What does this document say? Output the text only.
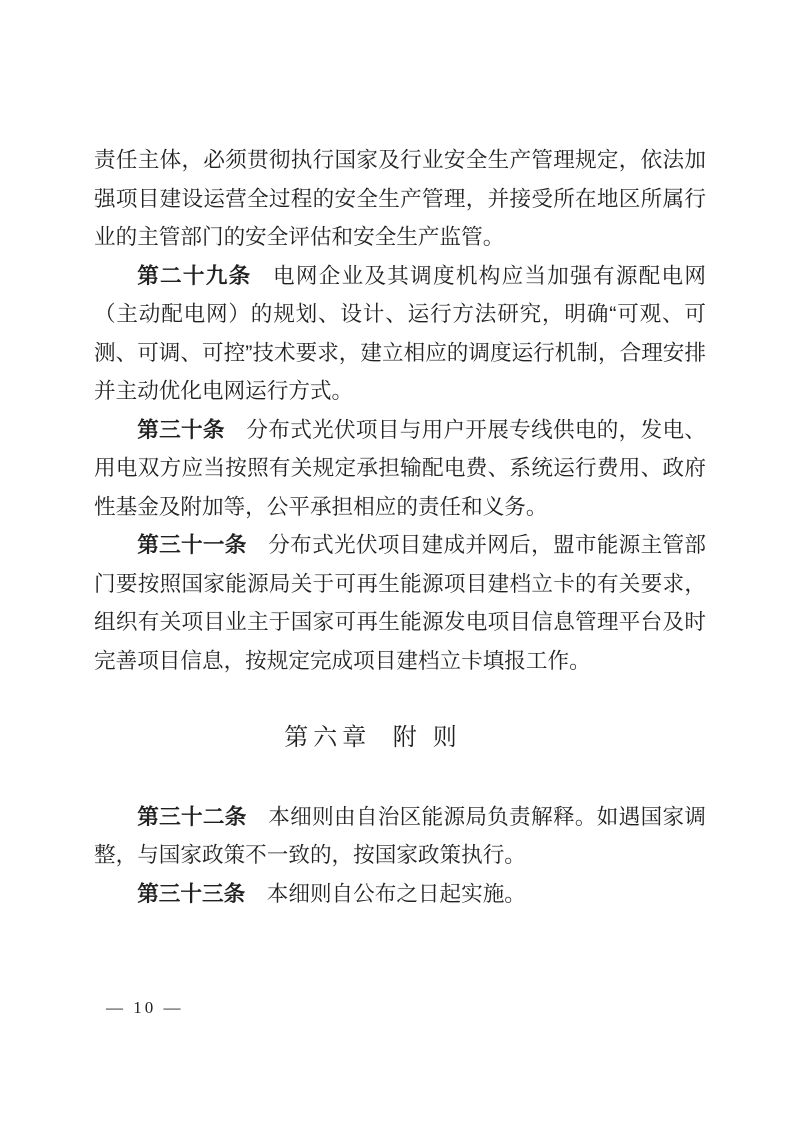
责任主体，必须贯彻执行国家及行业安全生产管理规定，依法加强项目建设运营全过程的安全生产管理，并接受所在地区所属行业的主管部门的安全评估和安全生产监管。

第二十九条 电网企业及其调度机构应当加强有源配电网（主动配电网）的规划、设计、运行方法研究，明确“可观、可测、可调、可控”技术要求，建立相应的调度运行机制，合理安排并主动优化电网运行方式。

第三十条 分布式光伏项目与用户开展专线供电的，发电、用电双方应当按照有关规定承担输配电费、系统运行费用、政府性基金及附加等，公平承担相应的责任和义务。

第三十一条 分布式光伏项目建成并网后，盟市能源主管部门要按照国家能源局关于可再生能源项目建档立卡的有关要求，组织有关项目业主于国家可再生能源发电项目信息管理平台及时完善项目信息，按规定完成项目建档立卡填报工作。

第六章 附 则

第三十二条 本细则由自治区能源局负责解释。如遇国家调整，与国家政策不一致的，按国家政策执行。

第三十三条 本细则自公布之日起实施。

— 10 —
